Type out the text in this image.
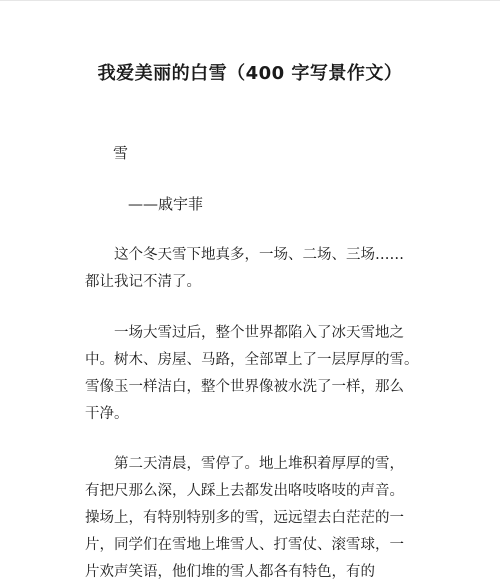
我爱美丽的白雪（400 字写景作文）
雪
——戚宇菲

这个冬天雪下地真多，一场、二场、三场……
都让我记不清了。

一场大雪过后，整个世界都陷入了冰天雪地之
中。树木、房屋、马路，全部罩上了一层厚厚的雪。
雪像玉一样洁白，整个世界像被水洗了一样，那么
干净。

第二天清晨，雪停了。地上堆积着厚厚的雪，
有把尺那么深，人踩上去都发出咯吱咯吱的声音。
操场上，有特别特别多的雪，远远望去白茫茫的一
片，同学们在雪地上堆雪人、打雪仗、滚雪球，一
片欢声笑语，他们堆的雪人都各有特色，有的
